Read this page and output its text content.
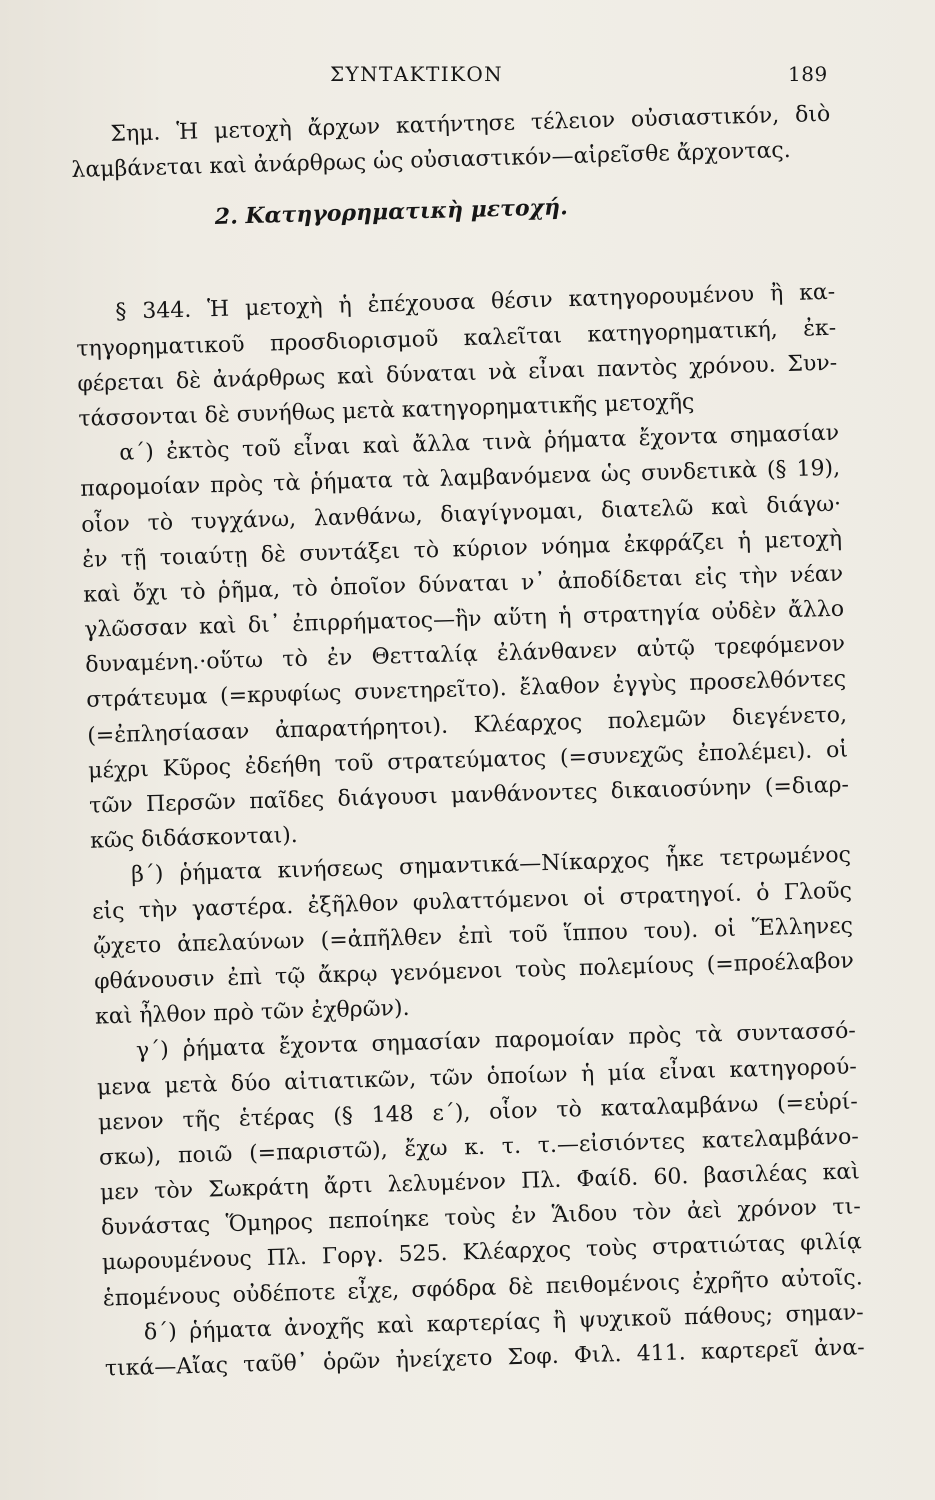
ΣΥΝΤΑΚΤΙΚΟΝ	189
Σημ. Ἡ μετοχὴ ἄρχων κατήντησε τέλειον οὐσιαστικόν, διὸ
λαμβάνεται καὶ ἀνάρθρως ὡς οὐσιαστικόν—αἱρεῖσθε ἄρχοντας.
2. Κατηγορηματικὴ μετοχή.
§ 344. Ἡ μετοχὴ ἡ ἐπέχουσα θέσιν κατηγορουμένου ἢ κα-
τηγορηματικοῦ προσδιορισμοῦ καλεῖται κατηγορηματική, ἐκ-
φέρεται δὲ ἀνάρθρως καὶ δύναται νὰ εἶναι παντὸς χρόνου. Συν-
τάσσονται δὲ συνήθως μετὰ κατηγορηματικῆς μετοχῆς
α΄) ἐκτὸς τοῦ εἶναι καὶ ἄλλα τινὰ ῥήματα ἔχοντα σημασίαν
παρομοίαν πρὸς τὰ ῥήματα τὰ λαμβανόμενα ὡς συνδετικὰ (§ 19),
οἷον τὸ τυγχάνω, λανθάνω, διαγίγνομαι, διατελῶ καὶ διάγω·
ἐν τῇ τοιαύτῃ δὲ συντάξει τὸ κύριον νόημα ἐκφράζει ἡ μετοχὴ
καὶ ὄχι τὸ ῥῆμα, τὸ ὁποῖον δύναται ν᾽ ἀποδίδεται εἰς τὴν νέαν
γλῶσσαν καὶ δι᾽ ἐπιρρήματος—ἣν αὕτη ἡ στρατηγία οὐδὲν ἄλλο
δυναμένη.·οὕτω τὸ ἐν Θετταλίᾳ ἐλάνθανεν αὐτῷ τρεφόμενον
στράτευμα (=κρυφίως συνετηρεῖτο). ἔλαθον ἐγγὺς προσελθόντες
(=ἐπλησίασαν ἀπαρατήρητοι). Κλέαρχος πολεμῶν διεγένετο,
μέχρι Κῦρος ἐδεήθη τοῦ στρατεύματος (=συνεχῶς ἐπολέμει). οἱ
τῶν Περσῶν παῖδες διάγουσι μανθάνοντες δικαιοσύνην (=διαρ-
κῶς διδάσκονται).
β΄) ῥήματα κινήσεως σημαντικά—Νίκαρχος ἧκε τετρωμένος
εἰς τὴν γαστέρα. ἐξῆλθον φυλαττόμενοι οἱ στρατηγοί. ὁ Γλοῦς
ᾤχετο ἀπελαύνων (=ἀπῆλθεν ἐπὶ τοῦ ἵππου του). οἱ Ἕλληνες
φθάνουσιν ἐπὶ τῷ ἄκρῳ γενόμενοι τοὺς πολεμίους (=προέλαβον
καὶ ἦλθον πρὸ τῶν ἐχθρῶν).
γ΄) ῥήματα ἔχοντα σημασίαν παρομοίαν πρὸς τὰ συντασσό-
μενα μετὰ δύο αἰτιατικῶν, τῶν ὁποίων ἡ μία εἶναι κατηγορού-
μενον τῆς ἑτέρας (§ 148 ε΄), οἷον τὸ καταλαμβάνω (=εὑρί-
σκω), ποιῶ (=παριστῶ), ἔχω κ. τ. τ.—εἰσιόντες κατελαμβάνο-
μεν τὸν Σωκράτη ἄρτι λελυμένον Πλ. Φαίδ. 60. βασιλέας καὶ
δυνάστας Ὅμηρος πεποίηκε τοὺς ἐν Ἅιδου τὸν ἀεὶ χρόνον τι-
μωρουμένους Πλ. Γοργ. 525. Κλέαρχος τοὺς στρατιώτας φιλίᾳ
ἑπομένους οὐδέποτε εἶχε, σφόδρα δὲ πειθομένοις ἐχρῆτο αὐτοῖς.
δ΄) ῥήματα ἀνοχῆς καὶ καρτερίας ἢ ψυχικοῦ πάθους; σημαν-
τικά—Αἴας ταῦθ᾽ ὁρῶν ἠνείχετο Σοφ. Φιλ. 411. καρτερεῖ ἀνα-
